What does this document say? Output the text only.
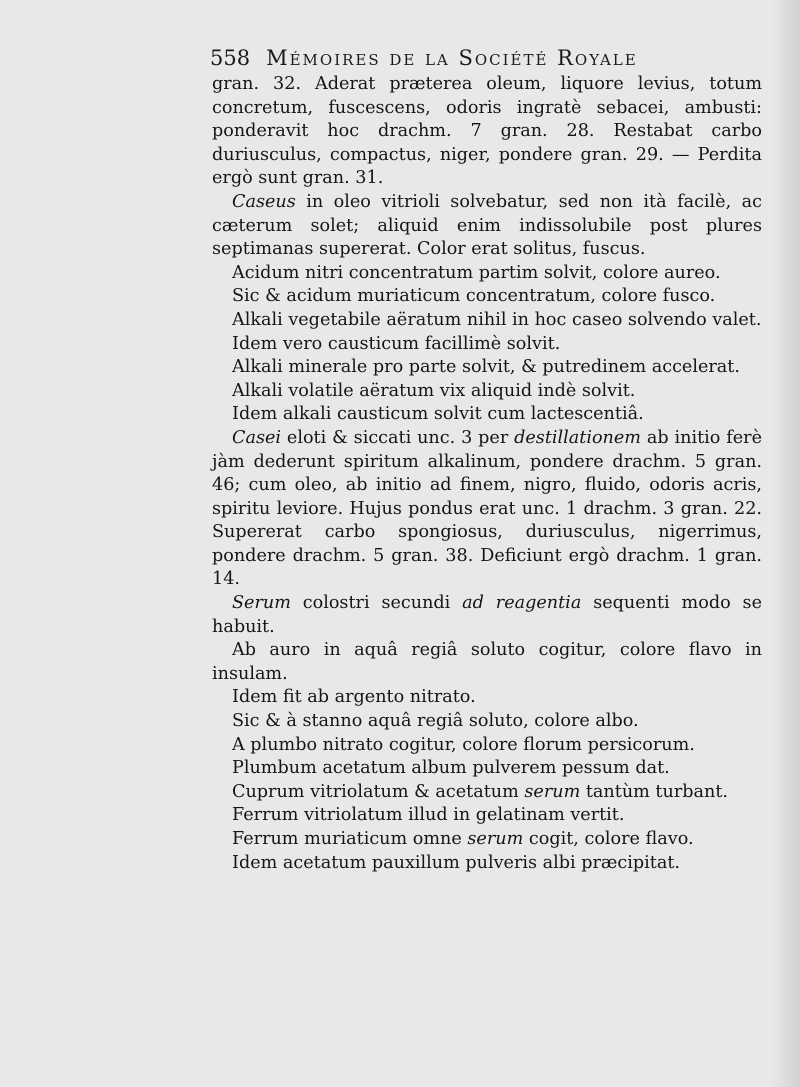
558 Mémoires de la Société Royale

gran. 32. Aderat præterea oleum, liquore levius, totum concretum, fuscescens, odoris ingratè sebacei, ambusti: ponderavit hoc drachm. 7 gran. 28. Restabat carbo duriusculus, compactus, niger, pondere gran. 29. — Perdita ergò sunt gran. 31.

Caseus in oleo vitrioli solvebatur, sed non ità facilè, ac cæterum solet; aliquid enim indissolubile post plures septimanas supererat. Color erat solitus, fuscus.

Acidum nitri concentratum partim solvit, colore aureo.

Sic & acidum muriaticum concentratum, colore fusco.

Alkali vegetabile aëratum nihil in hoc caseo solvendo valet.

Idem vero causticum facillimè solvit.

Alkali minerale pro parte solvit, & putredinem accelerat.

Alkali volatile aëratum vix aliquid indè solvit.

Idem alkali causticum solvit cum lactescentiâ.

Casei eloti & siccati unc. 3 per destillationem ab initio ferè jàm dederunt spiritum alkalinum, pondere drachm. 5 gran. 46; cum oleo, ab initio ad finem, nigro, fluido, odoris acris, spiritu leviore. Hujus pondus erat unc. 1 drachm. 3 gran. 22. Supererat carbo spongiosus, duriusculus, nigerrimus, pondere drachm. 5 gran. 38. Deficiunt ergò drachm. 1 gran. 14.

Serum colostri secundi ad reagentia sequenti modo se habuit.

Ab auro in aquâ regiâ soluto cogitur, colore flavo in insulam.

Idem fit ab argento nitrato.

Sic & à stanno aquâ regiâ soluto, colore albo.

A plumbo nitrato cogitur, colore florum persicorum.

Plumbum acetatum album pulverem pessum dat.

Cuprum vitriolatum & acetatum serum tantùm turbant.

Ferrum vitriolatum illud in gelatinam vertit.

Ferrum muriaticum omne serum cogit, colore flavo.

Idem acetatum pauxillum pulveris albi præcipitat.
